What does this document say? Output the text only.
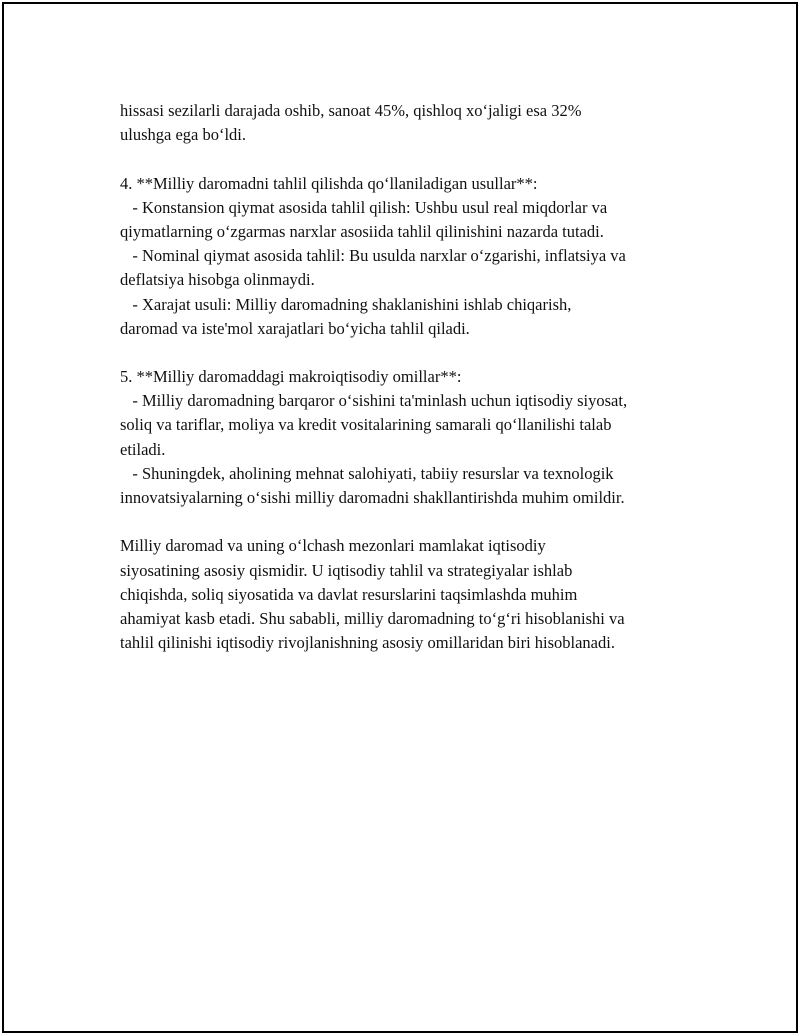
hissasi sezilarli darajada oshib, sanoat 45%, qishloq xo‘jaligi esa 32%
ulushga ega bo‘ldi.
4. **Milliy daromadni tahlil qilishda qo‘llaniladigan usullar**:
- Konstansion qiymat asosida tahlil qilish: Ushbu usul real miqdorlar va
qiymatlarning o‘zgarmas narxlar asosiida tahlil qilinishini nazarda tutadi.
- Nominal qiymat asosida tahlil: Bu usulda narxlar o‘zgarishi, inflatsiya va
deflatsiya hisobga olinmaydi.
- Xarajat usuli: Milliy daromadning shaklanishini ishlab chiqarish,
daromad va iste'mol xarajatlari bo‘yicha tahlil qiladi.
5. **Milliy daromaddagi makroiqtisodiy omillar**:
- Milliy daromadning barqaror o‘sishini ta'minlash uchun iqtisodiy siyosat,
soliq va tariflar, moliya va kredit vositalarining samarali qo‘llanilishi talab
etiladi.
- Shuningdek, aholining mehnat salohiyati, tabiiy resurslar va texnologik
innovatsiyalarning o‘sishi milliy daromadni shakllantirishda muhim omildir.
Milliy daromad va uning o‘lchash mezonlari mamlakat iqtisodiy
siyosatining asosiy qismidir. U iqtisodiy tahlil va strategiyalar ishlab
chiqishda, soliq siyosatida va davlat resurslarini taqsimlashda muhim
ahamiyat kasb etadi. Shu sababli, milliy daromadning to‘g‘ri hisoblanishi va
tahlil qilinishi iqtisodiy rivojlanishning asosiy omillaridan biri hisoblanadi.
